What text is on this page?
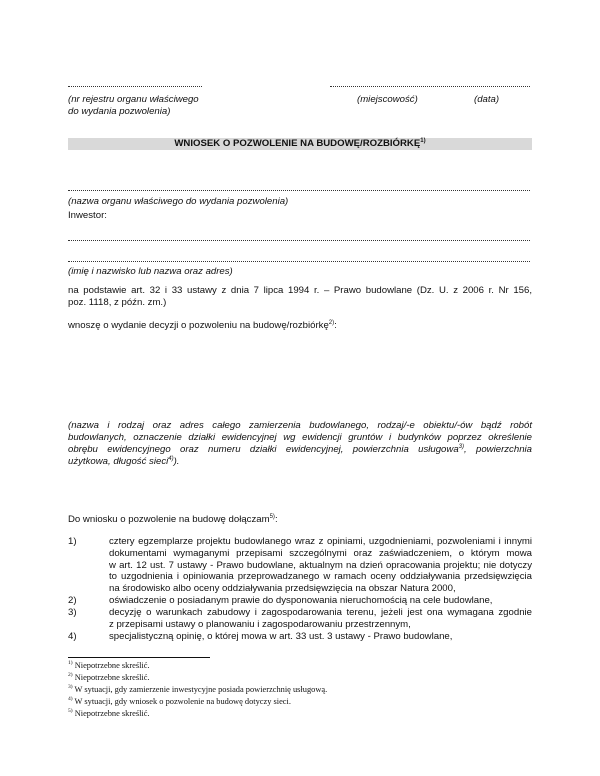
(nr rejestru organu właściwego
do wydania pozwolenia)
(miejscowość)	(data)
WNIOSEK O POZWOLENIE NA BUDOWĘ/ROZBIÓRKĘ$^{1)}$
(nazwa organu właściwego do wydania pozwolenia)
Inwestor:
(imię i nazwisko lub nazwa oraz adres)
na podstawie art. 32 i 33 ustawy z dnia 7 lipca 1994 r. – Prawo budowlane (Dz. U. z 2006 r. Nr 156,
poz. 1118, z późn. zm.)
wnoszę o wydanie decyzji o pozwoleniu na budowę/rozbiórkę$^{2)}$:
(nazwa i rodzaj oraz adres całego zamierzenia budowlanego, rodzaj/-e obiektu/-ów bądź robót
budowlanych, oznaczenie działki ewidencyjnej wg ewidencji gruntów i budynków poprzez określenie
obrębu ewidencyjnego oraz numeru działki ewidencyjnej, powierzchnia usługowa$^{3)}$, powierzchnia
użytkowa, długość sieci$^{4)}$).
Do wniosku o pozwolenie na budowę dołączam$^{5)}$:
1)	cztery egzemplarze projektu budowlanego wraz z opiniami, uzgodnieniami, pozwoleniami i innymi
dokumentami wymaganymi przepisami szczególnymi oraz zaświadczeniem, o którym mowa
w art. 12 ust. 7 ustawy - Prawo budowlane, aktualnym na dzień opracowania projektu; nie dotyczy
to uzgodnienia i opiniowania przeprowadzanego w ramach oceny oddziaływania przedsięwzięcia
na środowisko albo oceny oddziaływania przedsięwzięcia na obszar Natura 2000,
2)	oświadczenie o posiadanym prawie do dysponowania nieruchomością na cele budowlane,
3)	decyzję o warunkach zabudowy i zagospodarowania terenu, jeżeli jest ona wymagana zgodnie
z przepisami ustawy o planowaniu i zagospodarowaniu przestrzennym,
4)	specjalistyczną opinię, o której mowa w art. 33 ust. 3 ustawy - Prawo budowlane,
$^{1)}$ Niepotrzebne skreślić.
$^{2)}$ Niepotrzebne skreślić.
$^{3)}$ W sytuacji, gdy zamierzenie inwestycyjne posiada powierzchnię usługową.
$^{4)}$ W sytuacji, gdy wniosek o pozwolenie na budowę dotyczy sieci.
$^{5)}$ Niepotrzebne skreślić.
